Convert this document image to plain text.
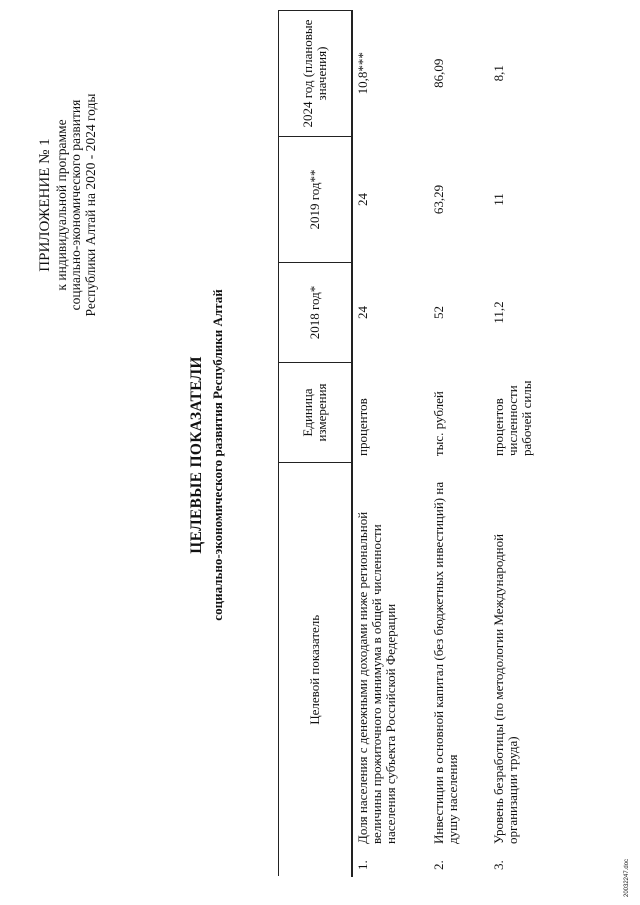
ПРИЛОЖЕНИЕ № 1 к индивидуальной программе социально-экономического развития Республики Алтай на 2020 - 2024 годы
ЦЕЛЕВЫЕ ПОКАЗАТЕЛИ социально-экономического развития Республики Алтай
Целевой показатель		Единица измерения	2018 год*	2019 год**	2024 год (плановые значения)
1.	Доля населения с денежными доходами ниже региональной величины прожиточного минимума в общей численности населения субъекта Российской Федерации	процентов	24	24	10,8***
2.	Инвестиции в основной капитал (без бюджетных инвестиций) на душу населения	тыс. рублей	52	63,29	86,09
3.	Уровень безработицы (по методологии Международной организации труда)	процентов численности рабочей силы	11,2	11	8,1
20032247.doc
